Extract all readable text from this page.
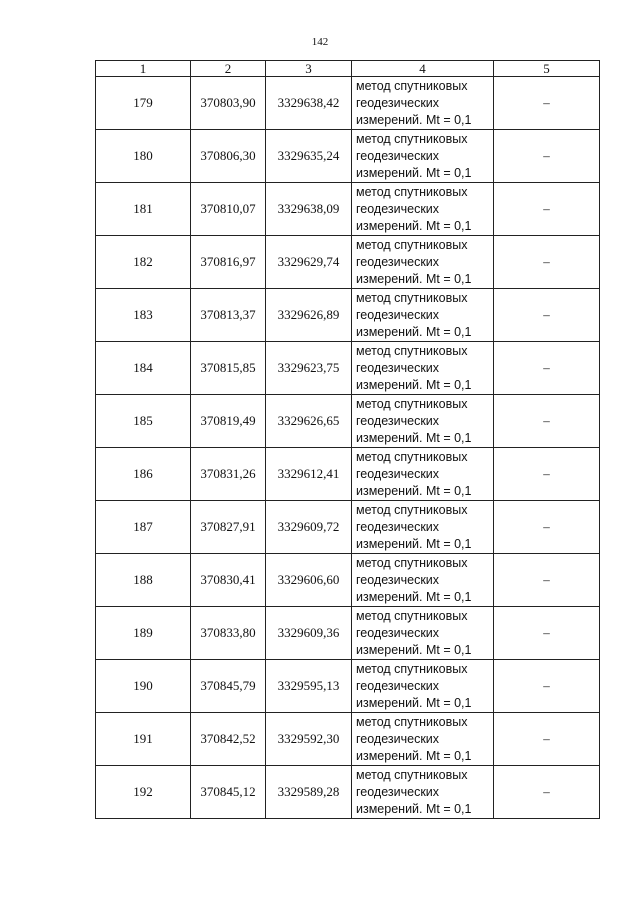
142
1	2	3	4	5
179	370803,90	3329638,42	метод спутниковых
геодезических
измерений. Mt = 0,1	–
180	370806,30	3329635,24	метод спутниковых
геодезических
измерений. Mt = 0,1	–
181	370810,07	3329638,09	метод спутниковых
геодезических
измерений. Mt = 0,1	–
182	370816,97	3329629,74	метод спутниковых
геодезических
измерений. Mt = 0,1	–
183	370813,37	3329626,89	метод спутниковых
геодезических
измерений. Mt = 0,1	–
184	370815,85	3329623,75	метод спутниковых
геодезических
измерений. Mt = 0,1	–
185	370819,49	3329626,65	метод спутниковых
геодезических
измерений. Mt = 0,1	–
186	370831,26	3329612,41	метод спутниковых
геодезических
измерений. Mt = 0,1	–
187	370827,91	3329609,72	метод спутниковых
геодезических
измерений. Mt = 0,1	–
188	370830,41	3329606,60	метод спутниковых
геодезических
измерений. Mt = 0,1	–
189	370833,80	3329609,36	метод спутниковых
геодезических
измерений. Mt = 0,1	–
190	370845,79	3329595,13	метод спутниковых
геодезических
измерений. Mt = 0,1	–
191	370842,52	3329592,30	метод спутниковых
геодезических
измерений. Mt = 0,1	–
192	370845,12	3329589,28	метод спутниковых
геодезических
измерений. Mt = 0,1	–
